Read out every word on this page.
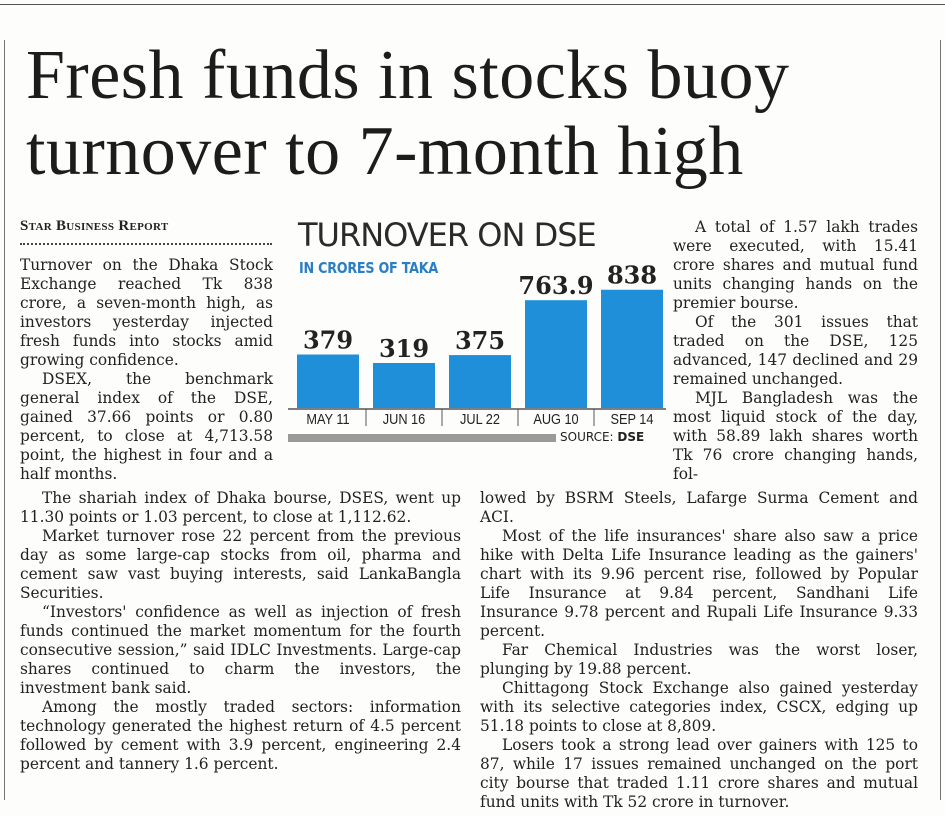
Fresh funds in stocks buoy turnover to 7-month high
Star Business Report

Turnover on the Dhaka Stock Exchange reached Tk 838 crore, a seven-month high, as investors yesterday injected fresh funds into stocks amid growing confidence.

DSEX, the benchmark general index of the DSE, gained 37.66 points or 0.80 percent, to close at 4,713.58 point, the highest in four and a half months.

The shariah index of Dhaka bourse, DSES, went up 11.30 points or 1.03 percent, to close at 1,112.62.

Market turnover rose 22 percent from the previous day as some large-cap stocks from oil, pharma and cement saw vast buying interests, said LankaBangla Securities.

“Investors' confidence as well as injection of fresh funds continued the market momentum for the fourth consecutive session,” said IDLC Investments. Large-cap shares continued to charm the investors, the investment bank said.

Among the mostly traded sectors: information technology generated the highest return of 4.5 percent followed by cement with 3.9 percent, engineering 2.4 percent and tannery 1.6 percent.

A total of 1.57 lakh trades were executed, with 15.41 crore shares and mutual fund units changing hands on the premier bourse.

Of the 301 issues that traded on the DSE, 125 advanced, 147 declined and 29 remained unchanged.

MJL Bangladesh was the most liquid stock of the day, with 58.89 lakh shares worth Tk 76 crore changing hands, fol-

lowed by BSRM Steels, Lafarge Surma Cement and ACI.

Most of the life insurances' share also saw a price hike with Delta Life Insurance leading as the gainers' chart with its 9.96 percent rise, followed by Popular Life Insurance at 9.84 percent, Sandhani Life Insurance 9.78 percent and Rupali Life Insurance 9.33 percent.

Far Chemical Industries was the worst loser, plunging by 19.88 percent.

Chittagong Stock Exchange also gained yesterday with its selective categories index, CSCX, edging up 51.18 points to close at 8,809.

Losers took a strong lead over gainers with 125 to 87, while 17 issues remained unchanged on the port city bourse that traded 1.11 crore shares and mutual fund units with Tk 52 crore in turnover.

TURNOVER ON DSE
IN CRORES OF TAKA
379 319 375
763.9 838
MAY 11 JUN 16 JUL 22 AUG 10 SEP 14
SOURCE: DSE
